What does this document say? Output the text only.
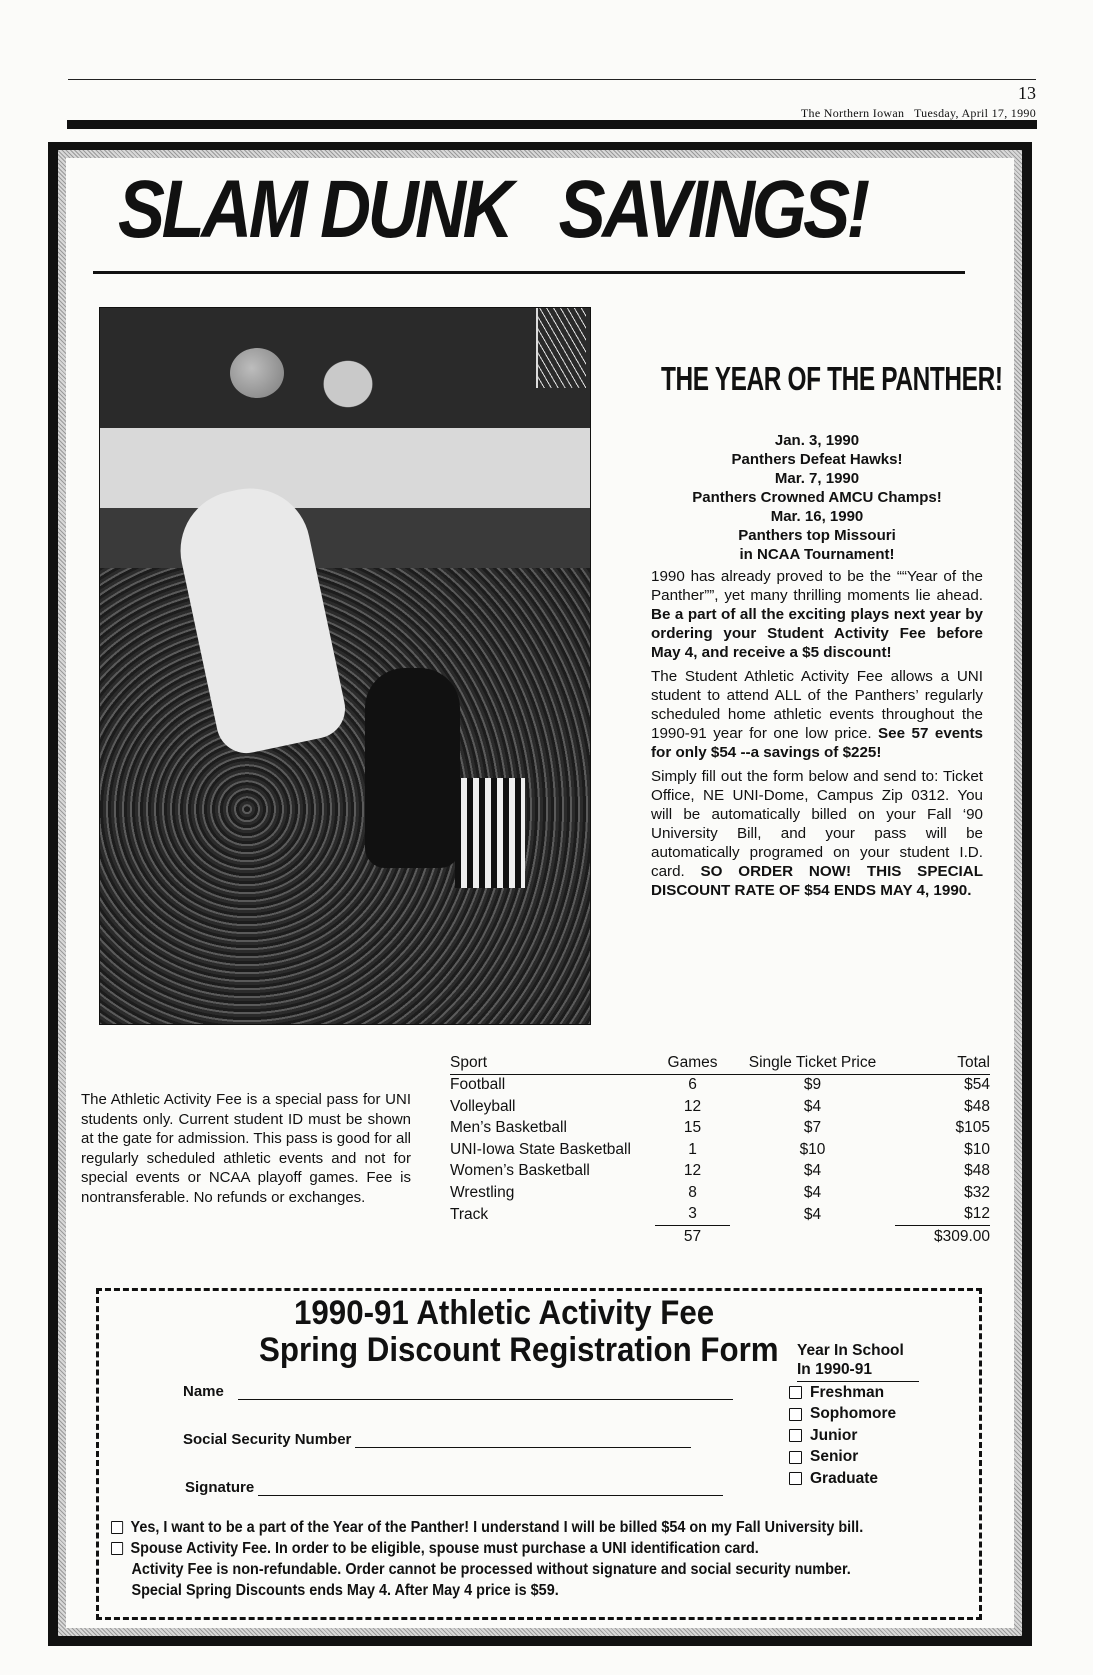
13
The Northern Iowan Tuesday, April 17, 1990
SLAM DUNK   SAVINGS!
THE YEAR OF THE PANTHER!
Jan. 3, 1990
Panthers Defeat Hawks!
Mar. 7, 1990
Panthers Crowned AMCU Champs!
Mar. 16, 1990
Panthers top Missouri
in NCAA Tournament!
1990 has already proved to be the ““Year of the Panther””, yet many thrilling moments lie ahead. Be a part of all the exciting plays next year by ordering your Student Activity Fee before May 4, and receive a $5 discount!
The Student Athletic Activity Fee allows a UNI student to attend ALL of the Panthers’ regularly scheduled home athletic events throughout the 1990-91 year for one low price. See 57 events for only $54 --a savings of $225!
Simply fill out the form below and send to: Ticket Office, NE UNI-Dome, Campus Zip 0312. You will be automatically billed on your Fall ‘90 University Bill, and your pass will be automatically programed on your student I.D. card. SO ORDER NOW! THIS SPECIAL DISCOUNT RATE OF $54 ENDS MAY 4, 1990.
The Athletic Activity Fee is a special pass for UNI students only. Current student ID must be shown at the gate for admission. This pass is good for all regularly scheduled athletic events and not for special events or NCAA playoff games. Fee is nontransferable. No refunds or exchanges.
Sport	Games	Single Ticket Price	Total
Football	6	$9	$54
Volleyball	12	$4	$48
Men’s Basketball	15	$7	$105
UNI-Iowa State Basketball	1	$10	$10
Women’s Basketball	12	$4	$48
Wrestling	8	$4	$32
Track	3	$4	$12
	57		$309.00
1990-91 Athletic Activity Fee
Spring Discount Registration Form
Name
Social Security Number
Signature
Year In School
In 1990-91
Freshman
Sophomore
Junior
Senior
Graduate
Yes, I want to be a part of the Year of the Panther! I understand I will be billed $54 on my Fall University bill.
Spouse Activity Fee. In order to be eligible, spouse must purchase a UNI identification card.
Activity Fee is non-refundable. Order cannot be processed without signature and social security number.
Special Spring Discounts ends May 4. After May 4 price is $59.
